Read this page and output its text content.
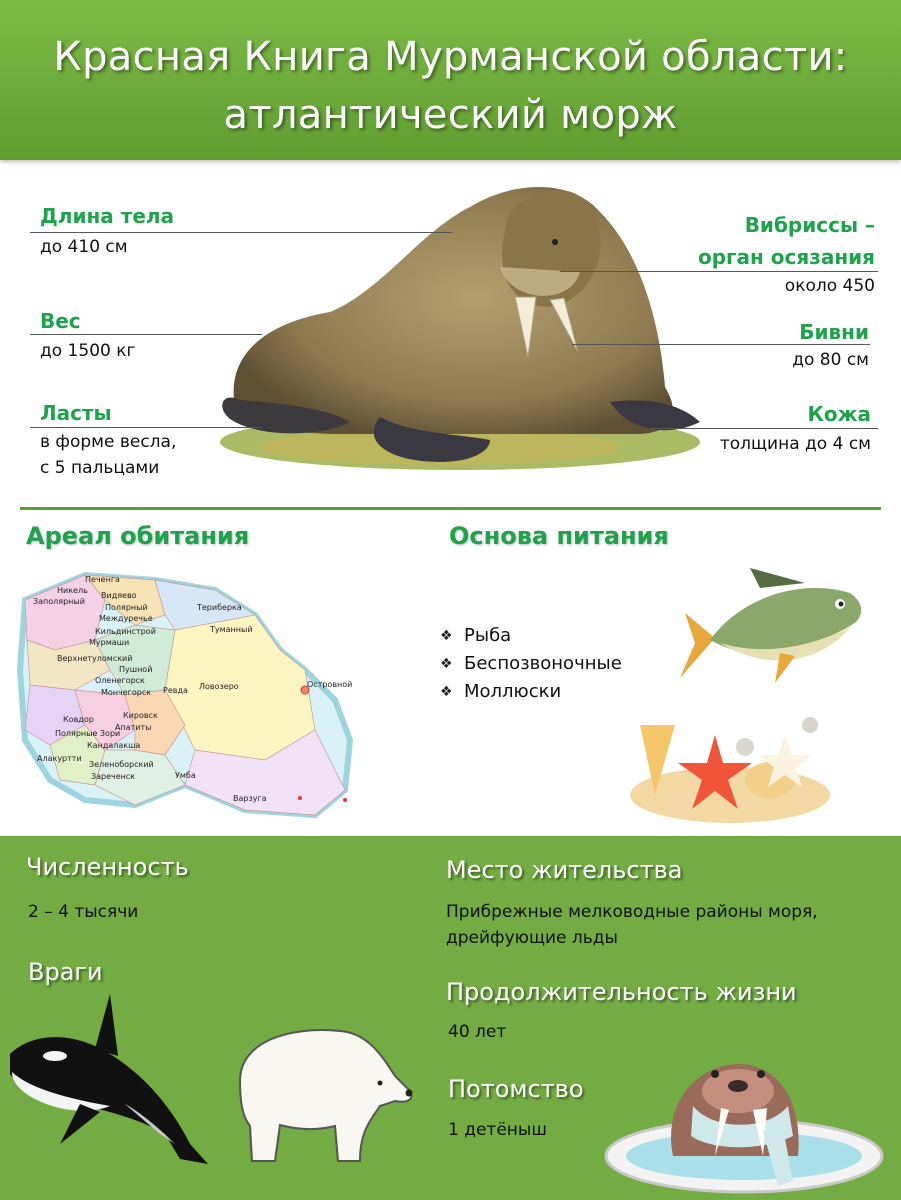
Красная Книга Мурманской области:
атлантический морж
Длина тела
до 410 см
Вес
до 1500 кг
Ласты
в форме весла,
с 5 пальцами
Вибриссы –
орган осязания
около 450
Бивни
до 80 см
Кожа
толщина до 4 см
Ареал обитания
Печенга
Никель
Заполярный
Видяево
Полярный
Междуречье
Териберка
Кильдинстрой
Мурмаши
Туманный
Верхнетуломский
Пушной
Оленегорск
Мончегорск Ревда Ловозеро	Островной
Ковдор	Кировск
Апатиты
Полярные Зори
Кандалакша
Алакуртти
Зеленоборский
Зареченск	Умба
Варзуга
Основа питания
❖ Рыба
❖ Беспозвоночные
❖ Моллюски
Численность
2 – 4 тысячи
Враги
Место жительства
Прибрежные мелководные районы моря,
дрейфующие льды
Продолжительность жизни
40 лет
Потомство
1 детёныш
